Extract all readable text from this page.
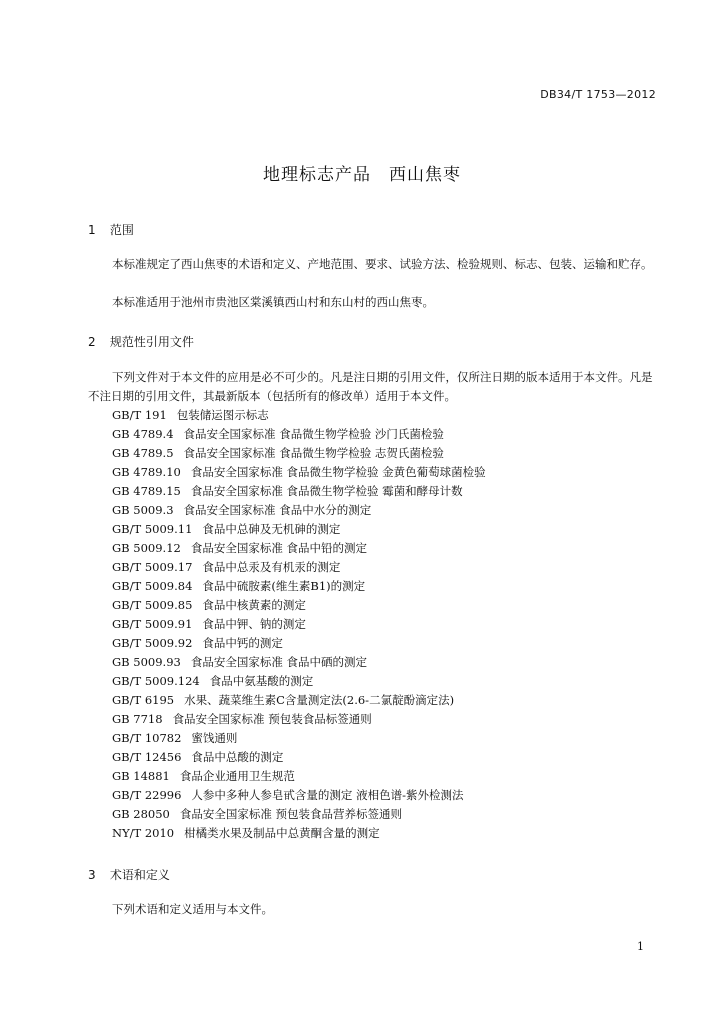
DB34/T 1753—2012
地理标志产品　西山焦枣
1 范围
本标准规定了西山焦枣的术语和定义、产地范围、要求、试验方法、检验规则、标志、包装、运输和贮存。
本标准适用于池州市贵池区棠溪镇西山村和东山村的西山焦枣。
2 规范性引用文件
下列文件对于本文件的应用是必不可少的。凡是注日期的引用文件，仅所注日期的版本适用于本文件。凡是不注日期的引用文件，其最新版本（包括所有的修改单）适用于本文件。
GB/T 191 包装储运图示标志
GB 4789.4 食品安全国家标准 食品微生物学检验 沙门氏菌检验
GB 4789.5 食品安全国家标准 食品微生物学检验 志贺氏菌检验
GB 4789.10 食品安全国家标准 食品微生物学检验 金黄色葡萄球菌检验
GB 4789.15 食品安全国家标准 食品微生物学检验 霉菌和酵母计数
GB 5009.3 食品安全国家标准 食品中水分的测定
GB/T 5009.11 食品中总砷及无机砷的测定
GB 5009.12 食品安全国家标准 食品中铅的测定
GB/T 5009.17 食品中总汞及有机汞的测定
GB/T 5009.84 食品中硫胺素(维生素B1)的测定
GB/T 5009.85 食品中核黄素的测定
GB/T 5009.91 食品中钾、钠的测定
GB/T 5009.92 食品中钙的测定
GB 5009.93 食品安全国家标准 食品中硒的测定
GB/T 5009.124 食品中氨基酸的测定
GB/T 6195 水果、蔬菜维生素C含量测定法(2.6-二氯靛酚滴定法)
GB 7718 食品安全国家标准 预包装食品标签通则
GB/T 10782 蜜饯通则
GB/T 12456 食品中总酸的测定
GB 14881 食品企业通用卫生规范
GB/T 22996 人参中多种人参皂甙含量的测定 液相色谱-紫外检测法
GB 28050 食品安全国家标准 预包装食品营养标签通则
NY/T 2010 柑橘类水果及制品中总黄酮含量的测定
3 术语和定义
下列术语和定义适用与本文件。
1
